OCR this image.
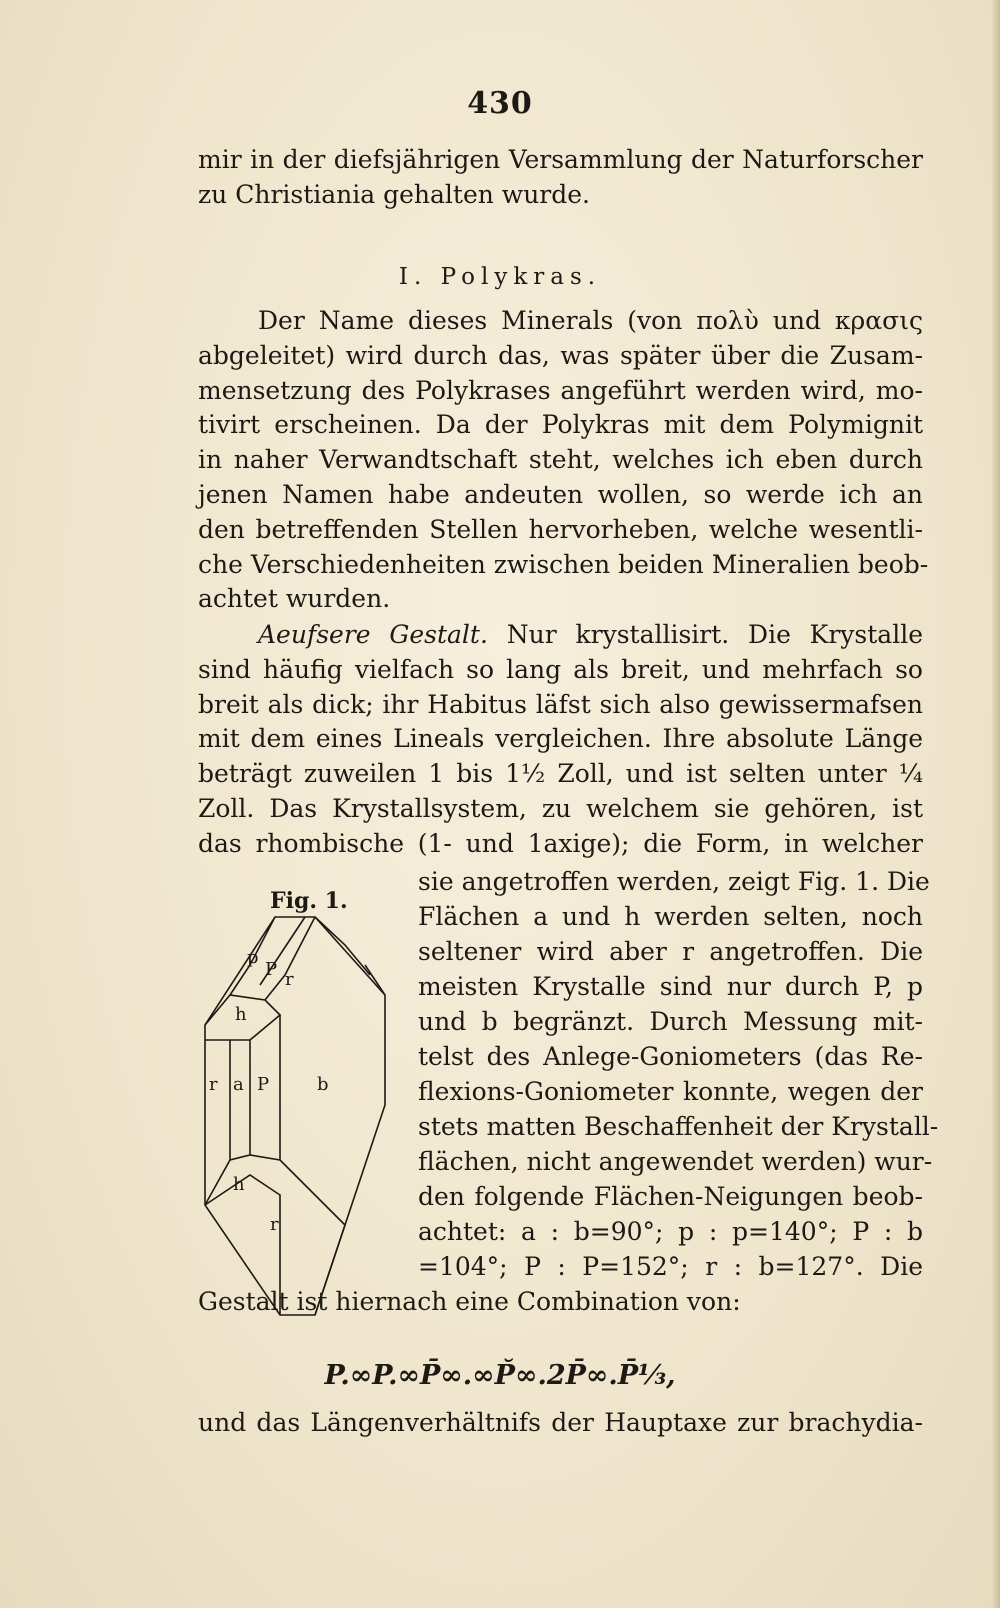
430
mir in der diefsjährigen Versammlung der Naturforscher
zu Christiania gehalten wurde.
I. Polykras.
Der Name dieses Minerals (von πολὺ und κρασις
abgeleitet) wird durch das, was später über die Zusam-
mensetzung des Polykrases angeführt werden wird, mo-
tivirt erscheinen. Da der Polykras mit dem Polymignit
in naher Verwandtschaft steht, welches ich eben durch
jenen Namen habe andeuten wollen, so werde ich an
den betreffenden Stellen hervorheben, welche wesentli-
che Verschiedenheiten zwischen beiden Mineralien beob-
achtet wurden.
Aeufsere Gestalt. Nur krystallisirt. Die Krystalle
sind häufig vielfach so lang als breit, und mehrfach so
breit als dick; ihr Habitus läfst sich also gewissermafsen
mit dem eines Lineals vergleichen. Ihre absolute Länge
beträgt zuweilen 1 bis 1½ Zoll, und ist selten unter ¼
Zoll. Das Krystallsystem, zu welchem sie gehören, ist
das rhombische (1- und 1axige); die Form, in welcher
Fig. 1.
p
P r
h
r a P	b
h
r
sie angetroffen werden, zeigt Fig. 1. Die
Flächen a und h werden selten, noch
seltener wird aber r angetroffen. Die
meisten Krystalle sind nur durch P, p
und b begränzt. Durch Messung mit-
telst des Anlege-Goniometers (das Re-
flexions-Goniometer konnte, wegen der
stets matten Beschaffenheit der Krystall-
flächen, nicht angewendet werden) wur-
den folgende Flächen-Neigungen beob-
achtet: a : b=90°; p : p=140°; P : b
=104°; P : P=152°; r : b=127°. Die
Gestalt ist hiernach eine Combination von:
P.∞P.∞P̄∞.∞P̆∞.2P̄∞.P̄⅓,
und das Längenverhältnifs der Hauptaxe zur brachydia-
